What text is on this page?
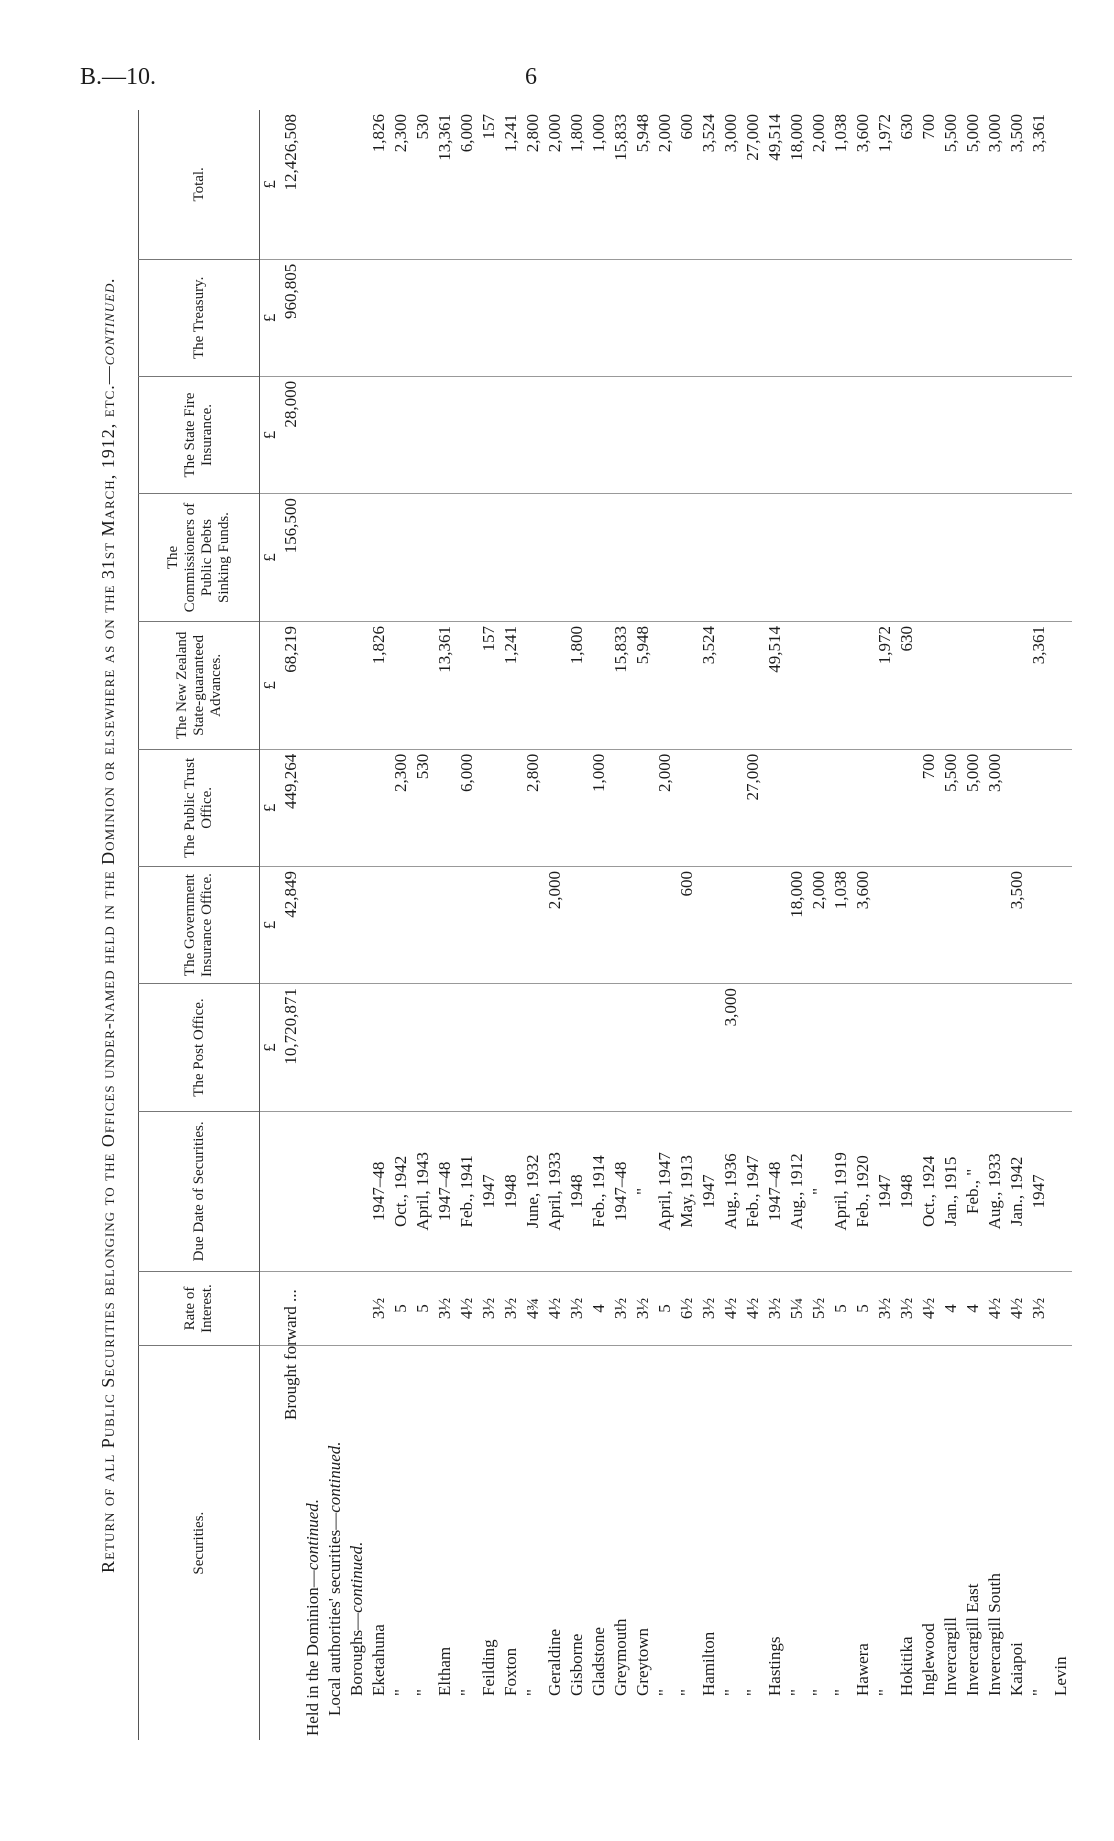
B.—10.	6
Return of all Public Securities belonging to the Offices under-named held in the Dominion or elsewhere as on the 31st March, 1912, etc.—continued.
Securities.	Rate of Interest.	Due Date of Securities.	The Post Office.	The Government Insurance Office.	The Public Trust Office.	The New Zealand State-guaranteed Advances.	The Commissioners of Public Debts Sinking Funds.	The State Fire Insurance.	The Treasury.	Total.
			£	£	£	£	£	£	£	£
Brought forward ...			10,720,871	42,849	449,264	68,219	156,500	28,000	960,805	12,426,508
Held in the Dominion—continued.										
Local authorities' securities—continued.										
Boroughs—continued.										
Eketahuna	3½	1947–48				1,826				1,826
"	5	Oct., 1942			2,300					2,300
"	5	April, 1943			530					530
Eltham	3½	1947–48				13,361				13,361
"	4½	Feb., 1941			6,000					6,000
Feilding	3½	1947				157				157
Foxton	3½	1948				1,241				1,241
"	4¾	June, 1932			2,800					2,800
Geraldine	4½	April, 1933		2,000						2,000
Gisborne	3½	1948				1,800				1,800
Gladstone	4	Feb., 1914			1,000					1,000
Greymouth	3½	1947–48				15,833				15,833
Greytown	3½	"				5,948				5,948
"	5	April, 1947			2,000					2,000
"	6½	May, 1913		600						600
Hamilton	3½	1947				3,524				3,524
"	4½	Aug., 1936	3,000							3,000
"	4½	Feb., 1947			27,000					27,000
Hastings	3½	1947–48				49,514				49,514
"	5¼	Aug., 1912		18,000						18,000
"	5½	"		2,000						2,000
"	5	April, 1919		1,038						1,038
Hawera	5	Feb., 1920		3,600						3,600
"	3½	1947				1,972				1,972
Hokitika	3½	1948				630				630
Inglewood	4½	Oct., 1924			700					700
Invercargill	4	Jan., 1915			5,500					5,500
Invercargill East	4	Feb., "			5,000					5,000
Invercargill South	4½	Aug., 1933			3,000					3,000
Kaiapoi	4½	Jan., 1942		3,500						3,500
"	3½	1947				3,361				3,361
Levin										
